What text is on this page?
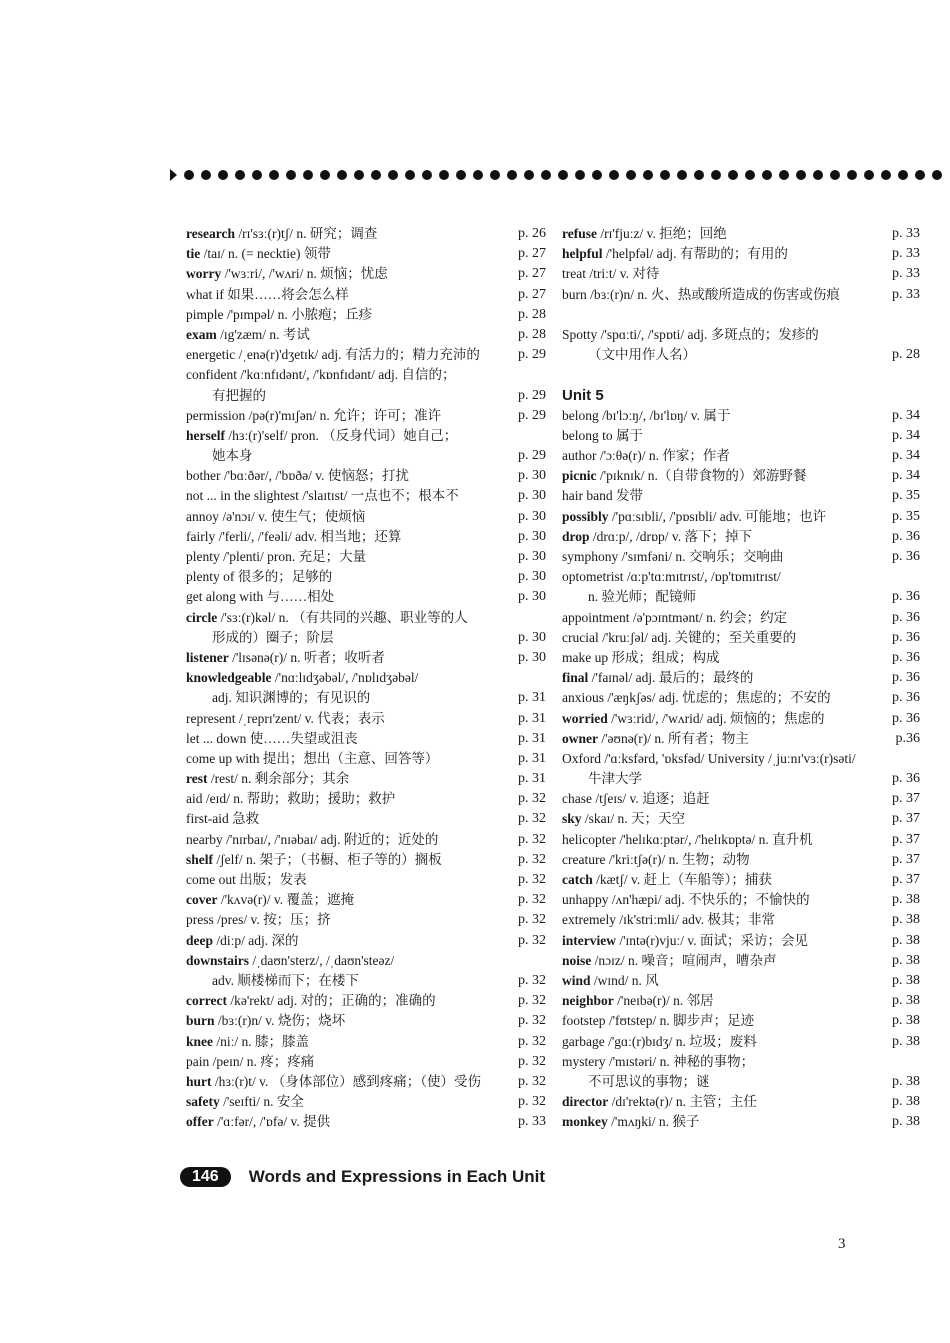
research /rɪ'sɜː(r)tʃ/ n. 研究；调查	p. 26
tie /taɪ/ n. (= necktie) 领带	p. 27
worry /'wɜːri/, /'wʌri/ n. 烦恼；忧虑	p. 27
what if 如果……将会怎么样	p. 27
pimple /'pɪmpəl/ n. 小脓疱；丘疹	p. 28
exam /ɪg'zæm/ n. 考试	p. 28
energetic /ˌenə(r)'dʒetɪk/ adj. 有活力的；精力充沛的	p. 29
confident /'kɑːnfɪdənt/, /'kɒnfɪdənt/ adj. 自信的；
有把握的	p. 29
permission /pə(r)'mɪʃən/ n. 允许；许可；准许	p. 29
herself /hɜː(r)'self/ pron. （反身代词）她自己；
她本身	p. 29
bother /'bɑːðər/, /'bɒðə/ v. 使恼怒；打扰	p. 30
not ... in the slightest /'slaɪtɪst/ 一点也不；根本不	p. 30
annoy /ə'nɔɪ/ v. 使生气；使烦恼	p. 30
fairly /'ferli/, /'feəli/ adv. 相当地；还算	p. 30
plenty /'plenti/ pron. 充足；大量	p. 30
plenty of 很多的；足够的	p. 30
get along with 与……相处	p. 30
circle /'sɜː(r)kəl/ n. （有共同的兴趣、职业等的人
形成的）圈子；阶层	p. 30
listener /'lɪsənə(r)/ n. 听者；收听者	p. 30
knowledgeable /'nɑːlɪdʒəbəl/, /'nɒlɪdʒəbəl/
adj. 知识渊博的；有见识的	p. 31
represent /ˌreprɪ'zent/ v. 代表；表示	p. 31
let ... down 使……失望或沮丧	p. 31
come up with 提出；想出（主意、回答等）	p. 31
rest /rest/ n. 剩余部分；其余	p. 31
aid /eɪd/ n. 帮助；救助；援助；救护	p. 32
first-aid 急救	p. 32
nearby /'nɪrbaɪ/, /'nɪəbaɪ/ adj. 附近的；近处的	p. 32
shelf /ʃelf/ n. 架子；（书橱、柜子等的）搁板	p. 32
come out 出版；发表	p. 32
cover /'kʌvə(r)/ v. 覆盖；遮掩	p. 32
press /pres/ v. 按；压；挤	p. 32
deep /diːp/ adj. 深的	p. 32
downstairs /ˌdaʊn'sterz/, /ˌdaʊn'steəz/
adv. 顺楼梯而下；在楼下	p. 32
correct /kə'rekt/ adj. 对的；正确的；准确的	p. 32
burn /bɜː(r)n/ v. 烧伤；烧坏	p. 32
knee /niː/ n. 膝；膝盖	p. 32
pain /peɪn/ n. 疼；疼痛	p. 32
hurt /hɜː(r)t/ v. （身体部位）感到疼痛；（使）受伤	p. 32
safety /'seɪfti/ n. 安全	p. 32
offer /'ɑːfər/, /'ɒfə/ v. 提供	p. 33
refuse /rɪ'fjuːz/ v. 拒绝；回绝	p. 33
helpful /'helpfəl/ adj. 有帮助的；有用的	p. 33
treat /triːt/ v. 对待	p. 33
burn /bɜː(r)n/ n. 火、热或酸所造成的伤害或伤痕	p. 33
Spotty /'spɑːti/, /'spɒti/ adj. 多斑点的；发疹的
（文中用作人名）	p. 28
Unit 5
belong /bɪ'lɔːŋ/, /bɪ'lɒŋ/ v. 属于	p. 34
belong to 属于	p. 34
author /'ɔːθə(r)/ n. 作家；作者	p. 34
picnic /'pɪknɪk/ n.（自带食物的）郊游野餐	p. 34
hair band 发带	p. 35
possibly /'pɑːsɪbli/, /'pɒsɪbli/ adv. 可能地；也许	p. 35
drop /drɑːp/, /drɒp/ v. 落下；掉下	p. 36
symphony /'sɪmfəni/ n. 交响乐；交响曲	p. 36
optometrist /ɑːp'tɑːmɪtrɪst/, /ɒp'tɒmɪtrɪst/
n. 验光师；配镜师	p. 36
appointment /ə'pɔɪntmənt/ n. 约会；约定	p. 36
crucial /'kruːʃəl/ adj. 关键的；至关重要的	p. 36
make up 形成；组成；构成	p. 36
final /'faɪnəl/ adj. 最后的；最终的	p. 36
anxious /'æŋkʃəs/ adj. 忧虑的；焦虑的；不安的	p. 36
worried /'wɜːrid/, /'wʌrid/ adj. 烦恼的；焦虑的	p. 36
owner /'əʊnə(r)/ n. 所有者；物主	p.36
Oxford /'ɑːksfərd, 'ɒksfəd/ University /ˌjuːnɪ'vɜː(r)səti/
牛津大学	p. 36
chase /tʃeɪs/ v. 追逐；追赶	p. 37
sky /skaɪ/ n. 天；天空	p. 37
helicopter /'helɪkɑːptər/, /'helɪkɒptə/ n. 直升机	p. 37
creature /'kriːtʃə(r)/ n. 生物；动物	p. 37
catch /kætʃ/ v. 赶上（车船等）；捕获	p. 37
unhappy /ʌn'hæpi/ adj. 不快乐的；不愉快的	p. 38
extremely /ɪk'striːmli/ adv. 极其；非常	p. 38
interview /'ɪntə(r)vjuː/ v. 面试；采访；会见	p. 38
noise /nɔɪz/ n. 噪音；喧闹声，嘈杂声	p. 38
wind /wɪnd/ n. 风	p. 38
neighbor /'neɪbə(r)/ n. 邻居	p. 38
footstep /'fʊtstep/ n. 脚步声；足迹	p. 38
garbage /'gɑː(r)bɪdʒ/ n. 垃圾；废料	p. 38
mystery /'mɪstəri/ n. 神秘的事物；
不可思议的事物；谜	p. 38
director /dɪ'rektə(r)/ n. 主管；主任	p. 38
monkey /'mʌŋki/ n. 猴子	p. 38
146	Words and Expressions in Each Unit
3
